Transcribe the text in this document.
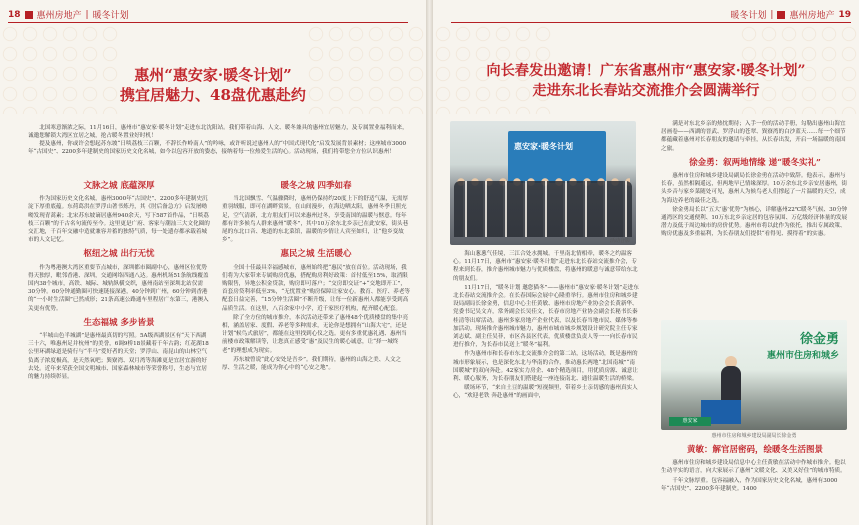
18 惠州房地产 | 暖冬计划
惠州“惠安家·暖冬计划”
携宜居魅力、48盘优惠赴约

北国寒意渐浓之际，11月16日，惠州市“惠安家·暖冬计划”走进东北沈阳站。我们带着山海、人文、暖冬兼具的惠州宜居魅力，及专属置业福利而来，诚邀您解锁大湾区宜居之城，抢占暖冬置业好时机！

提及惠州，你或许会想起苏东坡“日啖荔枝三百颗，不辞长作岭南人”的吟咏，或许听说过惠州人的“中国式现代化”启发发展背景素材；这座城市3000年“古国史”、2200多年建制史的国家历史文化名城，如今以包容开放的姿态，接纳着每一位热爱生活的心。活动现场，我们将带您全方位认识惠州！

文脉之城 底蕴深厚

作为国家历史文化名城，惠州3000年“古国史”、2200多年建制史沉淀下厚重底蕴。东荷葛洪在罗浮山著书炼丹，其《肘后备急方》启发屠呦呦发现青蒿素；北宋苏东坡谪居惠州940余天，写下587首作品，“日啖荔枝三百颗”的千古名句流传至今。这里更是广府、客家与潮汕三大文化圈的交汇地，千百年交融中造就兼容并蓄的独特气质，每一处遗存都承载着城市的人文记忆。

枢纽之城 出行无忧

作为粤港澳大湾区重要节点城市，深圳都市圈副中心，惠州区位优势得天独厚，毗邻香港、深圳，交通网络四通八达。惠州机场51条航线覆盖国内38个城市，高铁、城际、城轨纵横交织，惠州南站至深圳北站仅需30分钟。60分钟通勤圈可快速链接深港，40分钟到广州，60分钟到香港的“一小时生活圈”已然成形；21条高速公路通车里程居广东第三，港澳入关更有优势。

生态福城 多步皆景

“半城山色半城湖”是惠州最真切的写照。5A级西湖景区有“天下西湖三十六，唯惠州足并杭州”的美誉，6调9桥18景藏着千年古韵；红花湖18公里环湖绿道是骑行与“半马”爱好者的天堂；罗浮山、南昆山的山林空气负离子浓度极高，是天然氧吧；巽寮湾、双月湾等海滩更是宜居宜游的好去处。近年来荣获全国文明城市、国家森林城市等荣誉称号，生态与宜居的魅力持续彰显。

暖冬之城 四季如春

当北国飘雪、气温骤降时，惠州仍保持约20度上下的舒适气温，无需厚重羽绒服，即可在湖畔赏景，在山间漫步，在海边晒太阳，惠州冬季日照充足，空气清新，北方朋友们可以来惠州过冬，享受南国的温暖与惬意。每年都有许多候鸟人群来惠州“暖冬”，其中10万余东北乡亲已在此安家，街头巷尾的东北口音、地道的东北菜馆，温暖的乡情让人宾至如归，让“他乡变故乡”。

惠民之城 生活暖心

全国十佳最具幸福感城市，惠州始终把“惠民”放在首位。活动现场，我们将为大家带来专属购房优惠，搭配购房利好政策：首付低至15%，取消限购限售，异地公积金贷款，购房即可落户；“交房即交证”+“交地即开工”，首套房贷利率低至3%，“无忧置业”购房保障让家安心。教育、医疗、养老等配套日益完善，“15分钟生活圈”不断升级，让每一位新惠州人都能享受到高品质生活。在这里，八百余家中小学，近千家医疗机构，配齐暖心配套。

除了全方位的城市推介，本次活动还带来了惠州48个优质楼盘的集中亮相，涵盖居家、度假、养老等多种需求，无论你是想拥有“山海大宅”，还是计划“候鸟式旅居”，都能在这里找到心仪之选。更有多重优惠礼遇、惠州当前楼市政策解读等，让您真正感受“惠”及民生的暖心诚意，让“择一城终老”的理想成为现实。

苏东坡曾说“此心安处是吾乡”。我们期待，惠州的山海之美、人文之厚、生活之暖，能成为你心中的“心安之地”。

暖冬计划 | 惠州房地产 19
向长春发出邀请！广东省惠州市“惠安家·暖冬计划”
走进东北长春站交流推介会圆满举行
惠安家·暖冬计划
活动合影

海山葱葱气佳境，三江合处水拥城。千里南北情相牵，暖冬之约温客心。11月17日，惠州市“惠安家·暖冬计划”走进东北长春站交流推介会，专程来到长春，推介惠州城市魅力与优质楼盘，将惠州的暖意与诚意带给东北的朋友们。

11月17日，“暖冬计划 邀您猫冬”——惠州市“惠安家·暖冬计划”走进东北长春站交流推介会。在长春国际会展中心隆重举行。惠州市住房和城乡建设局副局长徐金勇，信息中心主任黄敏、惠州市房地产业协会会长黄新华、党委书记吴文卉，常务副会长吴佳文，长春市房地产业协会副会长秘书长秦桂清等出席活动。惠州多家房地产企业代表，以及长春当地市民、媒体等参加活动。现场推介惠州城市魅力，惠州市城市城乡规划设计研究院主任专家刘志斌、副主任吴菲，市区各县区代表，优质楼盘负责人等一一向长春市民进行推介，为长春市民送上“暖冬”福利。

作为惠州市和长春市东北交流推介会的第二站，这场活动，既是惠州的城市形象展示，也是深化东北与华南的合作，推动惠长两地“北国南城”“南国暖城”的双向奔赴。42家实力房企、48个精选项目，用优质房源、诚意让利、暖心服务，为长春朋友们搭建起一座连接南北、通往温暖生活的桥梁。

暖场环节，“来自土豆的温暖”短视频里，带着乡土亲切感的惠州真实人心，“欢迎老铁 奔赴惠州”的画面中，

满是对东北乡亲的热忱期待；入手一份的活动手册，勾勒出惠州山海宜居画卷——西湖的晋武、罗浮山的苍翠、巽寮湾的白沙蓝天……每一个细节都蕴藏着惠州对长春朋友的邀请与牵挂，从长春出发，开启一场温暖的南国之旅。

徐金勇：叙两地情缘 递“暖冬实礼”

惠州市住房和城乡建设局副局长徐金勇在活动中致辞。他表示，惠州与长春，虽然相隔遥远，但两地早已情缘深厚。10万余东北乡亲安居惠州，街头乡音与家乡菜随处可见，惠州人为候鸟老人们撑起了一片温暖的天空，成为海边养老的最佳之选。

徐金勇局长以“五大‘惠’优势”为核心，详解惠州22℃暖冬气候、30分钟通湾区的交通便利、10万东北乡亲定居的包容氛围、万亿级经济体量的发展潜力及低于周边城市的房价优势。惠州市将以此作为依托，推出专属政策、购房优惠及多重福利，为长春朋友们提供“看得见、摸得着”的实惠。

徐金勇
惠州市住房和城乡
惠安家
惠州市住房和城乡建设局副局长徐金勇
黄敏：解官居密码，绘暖冬生活图景

惠州市住房和城乡建设局信息中心主任黄敏在活动中作城市推介。他以生动平实的语言，向大家展示了惠州“文暖文化、又美又好住”的城市特质。

千年文脉厚重。包容福融入，作为国家历史文化名城，惠州有3000年“古国史”、2200多年建制史。1400
